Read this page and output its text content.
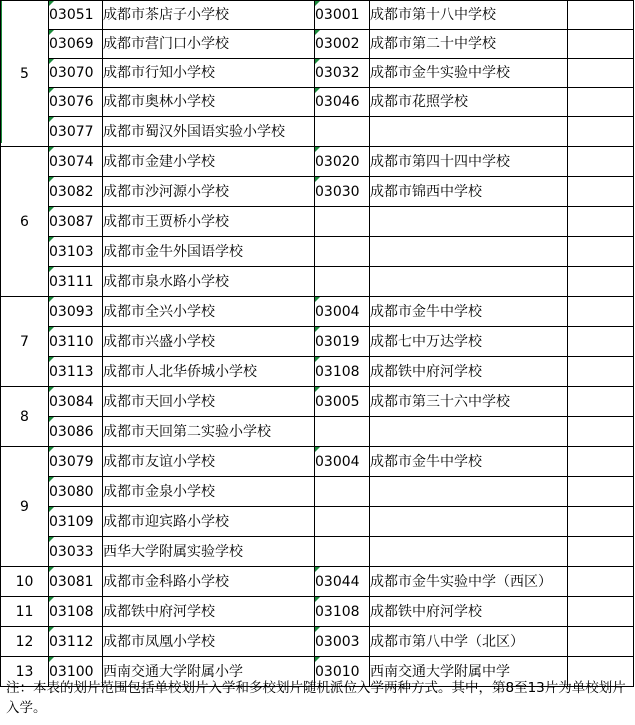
5	03051	成都市茶店子小学校	03001	成都市第十八中学校	
	03069	成都市营门口小学校	03002	成都市第二十中学校	
	03070	成都市行知小学校	03032	成都市金牛实验中学校	
	03076	成都市奥林小学校	03046	成都市花照学校	
	03077	成都市蜀汉外国语实验小学校			
6	03074	成都市金建小学校	03020	成都市第四十四中学校	
	03082	成都市沙河源小学校	03030	成都市锦西中学校	
	03087	成都市王贾桥小学校			
	03103	成都市金牛外国语学校			
	03111	成都市泉水路小学校			
7	03093	成都市全兴小学校	03004	成都市金牛中学校	
	03110	成都市兴盛小学校	03019	成都七中万达学校	
	03113	成都市人北华侨城小学校	03108	成都铁中府河学校	
8	03084	成都市天回小学校	03005	成都市第三十六中学校	
	03086	成都市天回第二实验小学校			
9	03079	成都市友谊小学校	03004	成都市金牛中学校	
	03080	成都市金泉小学校			
	03109	成都市迎宾路小学校			
	03033	西华大学附属实验学校			
10	03081	成都市金科路小学校	03044	成都市金牛实验中学（西区）	
11	03108	成都铁中府河学校	03108	成都铁中府河学校	
12	03112	成都市凤凰小学校	03003	成都市第八中学（北区）	
13	03100	西南交通大学附属小学	03010	西南交通大学附属中学	
注：本表的划片范围包括单校划片入学和多校划片随机派位入学两种方式。其中，第8至13片为单校划片入学。
